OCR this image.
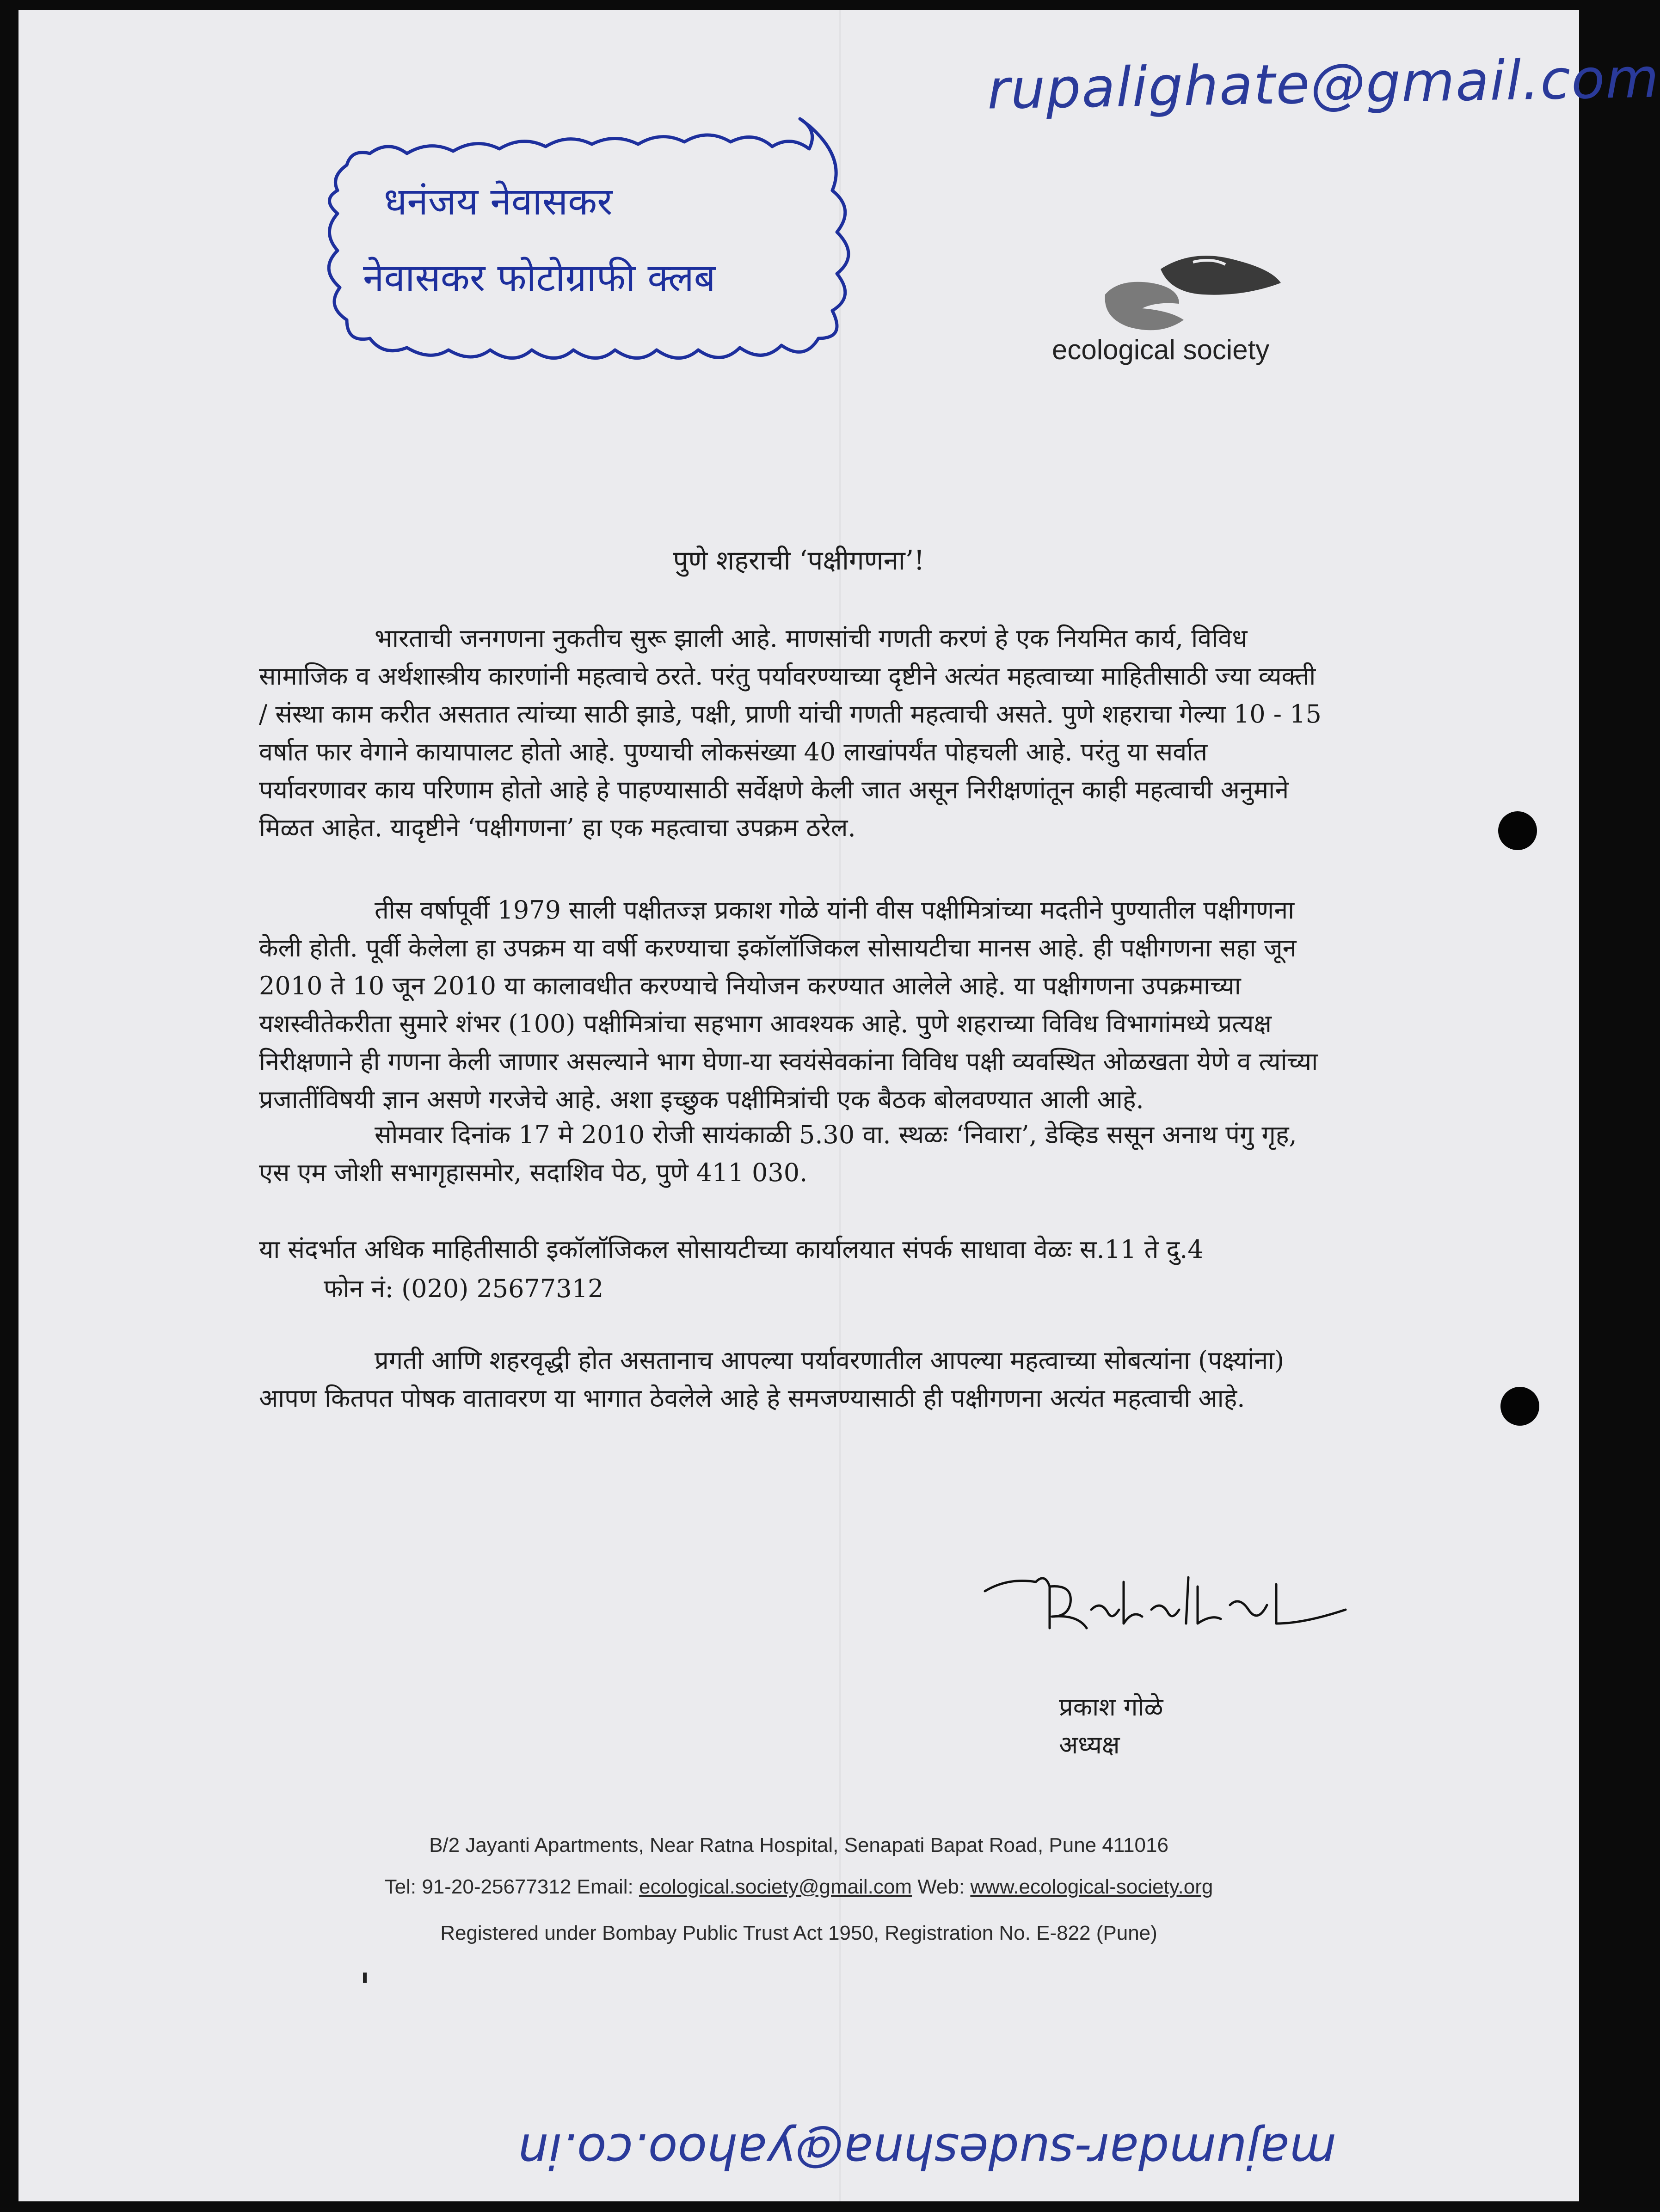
rupalighate@gmail.com
धनंजय नेवासकर
नेवासकर फोटोग्राफी क्लब
ecological society
पुणे शहराची ‘पक्षीगणना’!

भारताची जनगणना नुकतीच सुरू झाली आहे. माणसांची गणती करणं हे एक नियमित कार्य, विविध सामाजिक व अर्थशास्त्रीय कारणांनी महत्वाचे ठरते. परंतु पर्यावरण्याच्या दृष्टीने अत्यंत महत्वाच्या माहितीसाठी ज्या व्यक्ती / संस्था काम करीत असतात त्यांच्या साठी झाडे, पक्षी, प्राणी यांची गणती महत्वाची असते. पुणे शहराचा गेल्या 10 - 15 वर्षात फार वेगाने कायापालट होतो आहे. पुण्याची लोकसंख्या 40 लाखांपर्यंत पोहचली आहे. परंतु या सर्वात पर्यावरणावर काय परिणाम होतो आहे हे पाहण्यासाठी सर्वेक्षणे केली जात असून निरीक्षणांतून काही महत्वाची अनुमाने मिळत आहेत. यादृष्टीने ‘पक्षीगणना’ हा एक महत्वाचा उपक्रम ठरेल.

तीस वर्षापूर्वी 1979 साली पक्षीतज्ज्ञ प्रकाश गोळे यांनी वीस पक्षीमित्रांच्या मदतीने पुण्यातील पक्षीगणना केली होती. पूर्वी केलेला हा उपक्रम या वर्षी करण्याचा इकॉलॉजिकल सोसायटीचा मानस आहे. ही पक्षीगणना सहा जून 2010 ते 10 जून 2010 या कालावधीत करण्याचे नियोजन करण्यात आलेले आहे. या पक्षीगणना उपक्रमाच्या यशस्वीतेकरीता सुमारे शंभर (100) पक्षीमित्रांचा सहभाग आवश्यक आहे. पुणे शहराच्या विविध विभागांमध्ये प्रत्यक्ष निरीक्षणाने ही गणना केली जाणार असल्याने भाग घेणा-या स्वयंसेवकांना विविध पक्षी व्यवस्थित ओळखता येणे व त्यांच्या प्रजातींविषयी ज्ञान असणे गरजेचे आहे. अशा इच्छुक पक्षीमित्रांची एक बैठक बोलवण्यात आली आहे.

सोमवार दिनांक 17 मे 2010 रोजी सायंकाळी 5.30 वा. स्थळः ‘निवारा’, डेव्हिड ससून अनाथ पंगु गृह, एस एम जोशी सभागृहासमोर, सदाशिव पेठ, पुणे 411 030.

या संदर्भात अधिक माहितीसाठी इकॉलॉजिकल सोसायटीच्या कार्यालयात संपर्क साधावा वेळः स.11 ते दु.4
फोन नं: (020) 25677312

प्रगती आणि शहरवृद्धी होत असतानाच आपल्या पर्यावरणातील आपल्या महत्वाच्या सोबत्यांना (पक्ष्यांना) आपण कितपत पोषक वातावरण या भागात ठेवलेले आहे हे समजण्यासाठी ही पक्षीगणना अत्यंत महत्वाची आहे.

प्रकाश गोळे
अध्यक्ष
B/2 Jayanti Apartments, Near Ratna Hospital, Senapati Bapat Road, Pune 411016
Tel: 91-20-25677312 Email: ecological.society@gmail.com Web: www.ecological-society.org
Registered under Bombay Public Trust Act 1950, Registration No. E-822 (Pune)
majumdar-sudeshna@yahoo.co.in
